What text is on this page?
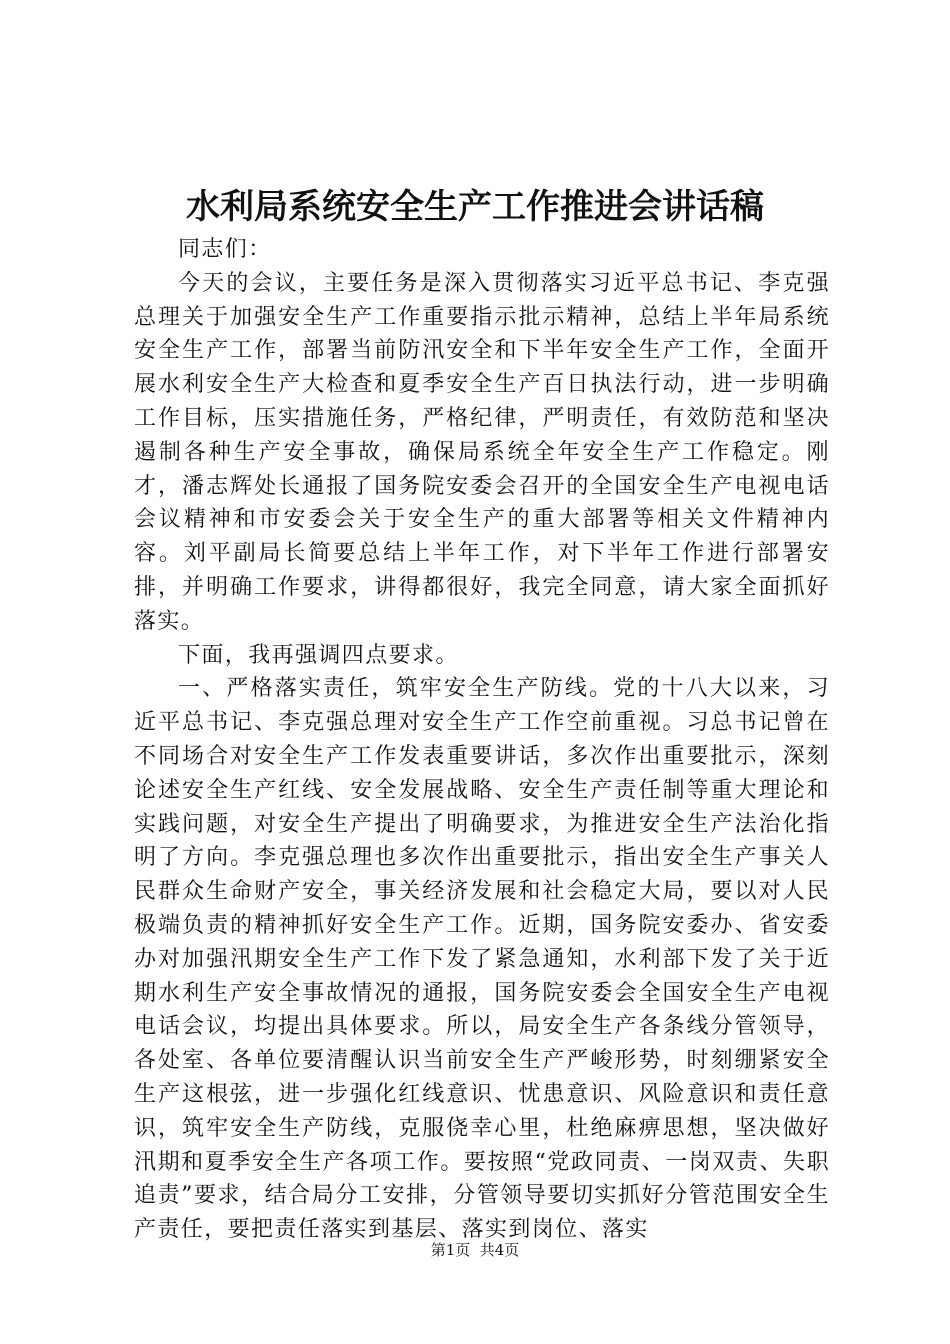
水利局系统安全生产工作推进会讲话稿

同志们：

今天的会议，主要任务是深入贯彻落实习近平总书记、李克强总理关于加强安全生产工作重要指示批示精神，总结上半年局系统安全生产工作，部署当前防汛安全和下半年安全生产工作，全面开展水利安全生产大检查和夏季安全生产百日执法行动，进一步明确工作目标，压实措施任务，严格纪律，严明责任，有效防范和坚决遏制各种生产安全事故，确保局系统全年安全生产工作稳定。刚才，潘志辉处长通报了国务院安委会召开的全国安全生产电视电话会议精神和市安委会关于安全生产的重大部署等相关文件精神内容。刘平副局长简要总结上半年工作，对下半年工作进行部署安排，并明确工作要求，讲得都很好，我完全同意，请大家全面抓好落实。

下面，我再强调四点要求。

一、严格落实责任，筑牢安全生产防线。党的十八大以来，习近平总书记、李克强总理对安全生产工作空前重视。习总书记曾在不同场合对安全生产工作发表重要讲话，多次作出重要批示，深刻论述安全生产红线、安全发展战略、安全生产责任制等重大理论和实践问题，对安全生产提出了明确要求，为推进安全生产法治化指明了方向。李克强总理也多次作出重要批示，指出安全生产事关人民群众生命财产安全，事关经济发展和社会稳定大局，要以对人民极端负责的精神抓好安全生产工作。近期，国务院安委办、省安委办对加强汛期安全生产工作下发了紧急通知，水利部下发了关于近期水利生产安全事故情况的通报，国务院安委会全国安全生产电视电话会议，均提出具体要求。所以，局安全生产各条线分管领导，各处室、各单位要清醒认识当前安全生产严峻形势，时刻绷紧安全生产这根弦，进一步强化红线意识、忧患意识、风险意识和责任意识，筑牢安全生产防线，克服侥幸心里，杜绝麻痹思想，坚决做好汛期和夏季安全生产各项工作。要按照“党政同责、一岗双责、失职追责”要求，结合局分工安排，分管领导要切实抓好分管范围安全生产责任，要把责任落实到基层、落实到岗位、落实

第1页  共4页
